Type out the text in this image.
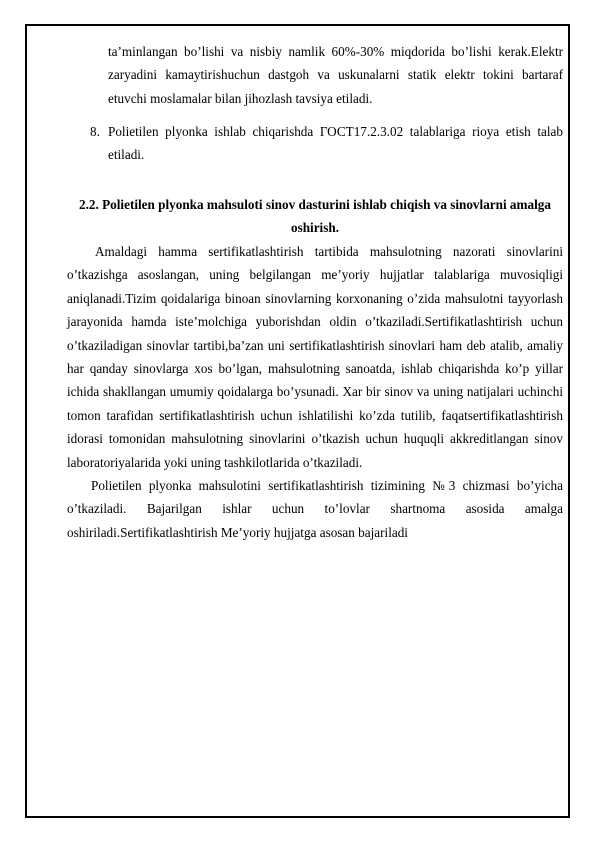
ta’minlangan bo’lishi va nisbiy namlik 60%-30% miqdorida bo’lishi kerak.Elektr zaryadini kamaytirishuchun dastgoh va uskunalarni statik elektr tokini bartaraf etuvchi moslamalar bilan jihozlash tavsiya etiladi.
8. Polietilen plyonka ishlab chiqarishda ГОСТ17.2.3.02 talablariga rioya etish talab etiladi.
2.2. Polietilen plyonka mahsuloti sinov dasturini ishlab chiqish va sinovlarni amalga oshirish.
Amaldagi hamma sertifikatlashtirish tartibida mahsulotning nazorati sinovlarini o’tkazishga asoslangan, uning belgilangan me’yoriy hujjatlar talablariga muvosiqligi aniqlanadi.Tizim qoidalariga binoan sinovlarning korxonaning o’zida mahsulotni tayyorlash jarayonida hamda iste’molchiga yuborishdan oldin o’tkaziladi.Sertifikatlashtirish uchun o’tkaziladigan sinovlar tartibi,ba’zan uni sertifikatlashtirish sinovlari ham deb atalib, amaliy har qanday sinovlarga xos bo’lgan, mahsulotning sanoatda, ishlab chiqarishda ko’p yillar ichida shakllangan umumiy qoidalarga bo’ysunadi. Xar bir sinov va uning natijalari uchinchi tomon tarafidan sertifikatlashtirish uchun ishlatilishi ko’zda tutilib, faqatsertifikatlashtirish idorasi tomonidan mahsulotning sinovlarini o’tkazish uchun huquqli akkreditlangan sinov laboratoriyalarida yoki uning tashkilotlarida o’tkaziladi.
Polietilen plyonka mahsulotini sertifikatlashtirish tizimining №3 chizmasi bo’yicha o’tkaziladi. Bajarilgan ishlar uchun to’lovlar shartnoma asosida amalga oshiriladi.Sertifikatlashtirish Me’yoriy hujjatga asosan bajariladi
